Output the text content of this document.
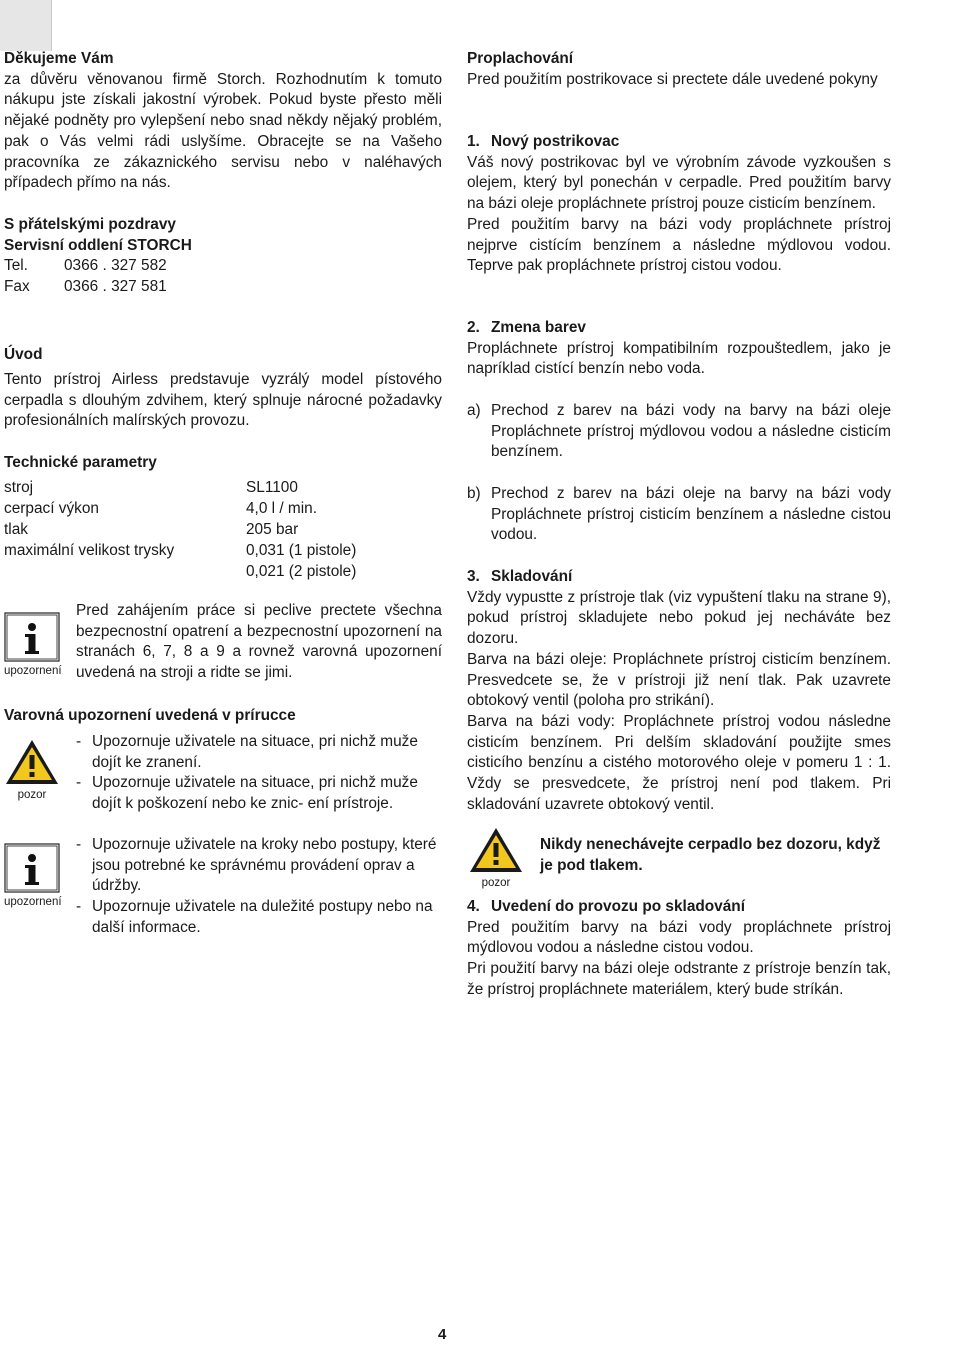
Děkujeme Vám

za důvěru věnovanou firmě Storch. Rozhodnutím k tomuto nákupu jste získali jakostní výrobek. Pokud byste přesto měli nějaké podněty pro vylepšení nebo snad někdy nějaký problém, pak o Vás velmi rádi uslyšíme. Obracejte se na Vašeho pracovníka ze zákaznického servisu nebo v naléhavých případech přímo na nás.

S přátelskými pozdravy

Servisní oddlení STORCH

Tel. 0366 . 327 582
Fax 0366 . 327 581

Úvod

Tento prístroj Airless predstavuje vyzrálý model pístového cerpadla s dlouhým zdvihem, který splnuje nárocné požadavky profesionálních malírských provozu.

Technické parametry

stroj	SL1100
cerpací výkon	4,0 l / min.
tlak	205 bar
maximální velikost trysky	0,031 (1 pistole)
0,021 (2 pistole)
upozornení

Pred zahájením práce si peclive prectete všechna bezpecnostní opatrení a bezpecnostní upozornení na stranách 6, 7, 8 a 9 a rovnež varovná upozornení uvedená na stroji a ridte se jimi.

Varovná upozornení uvedená v prírucce

pozor
- Upozornuje uživatele na situace, pri nichž muže dojít ke zranení.
- Upozornuje uživatele na situace, pri nichž muže dojít k poškození nebo ke znic- ení prístroje.
upozornení
- Upozornuje uživatele na kroky nebo postupy, které jsou potrebné ke správnému provádení oprav a údržby.
- Upozornuje uživatele na duležité postupy nebo na další informace.

Proplachování

Pred použitím postrikovace si prectete dále uvedené pokyny

1. Nový postrikovac

Váš nový postrikovac byl ve výrobním závode vyzkoušen s olejem, který byl ponechán v cerpadle. Pred použitím barvy na bázi oleje propláchnete prístroj pouze cisticím benzínem.

Pred použitím barvy na bázi vody propláchnete prístroj nejprve cistícím benzínem a následne mýdlovou vodou. Teprve pak propláchnete prístroj cistou vodou.

2. Zmena barev

Propláchnete prístroj kompatibilním rozpouštedlem, jako je napríklad cistící benzín nebo voda.

a) Prechod z barev na bázi vody na barvy na bázi oleje Propláchnete prístroj mýdlovou vodou a následne cisticím benzínem.
b) Prechod z barev na bázi oleje na barvy na bázi vody Propláchnete prístroj cisticím benzínem a následne cistou vodou.

3. Skladování

Vždy vypustte z prístroje tlak (viz vypuštení tlaku na strane 9), pokud prístroj skladujete nebo pokud jej necháváte bez dozoru.

Barva na bázi oleje: Propláchnete prístroj cisticím benzínem. Presvedcete se, že v prístroji již není tlak. Pak uzavrete obtokový ventil (poloha pro strikání).

Barva na bázi vody: Propláchnete prístroj vodou následne cisticím benzínem. Pri delším skladování použijte smes cisticího benzínu a cistého motorového oleje v pomeru 1 : 1. Vždy se presvedcete, že prístroj není pod tlakem. Pri skladování uzavrete obtokový ventil.

pozor

Nikdy nenechávejte cerpadlo bez dozoru, když je pod tlakem.

4. Uvedení do provozu po skladování

Pred použitím barvy na bázi vody propláchnete prístroj mýdlovou vodou a následne cistou vodou.

Pri použití barvy na bázi oleje odstrante z prístroje benzín tak, že prístroj propláchnete materiálem, který bude stríkán.

4
